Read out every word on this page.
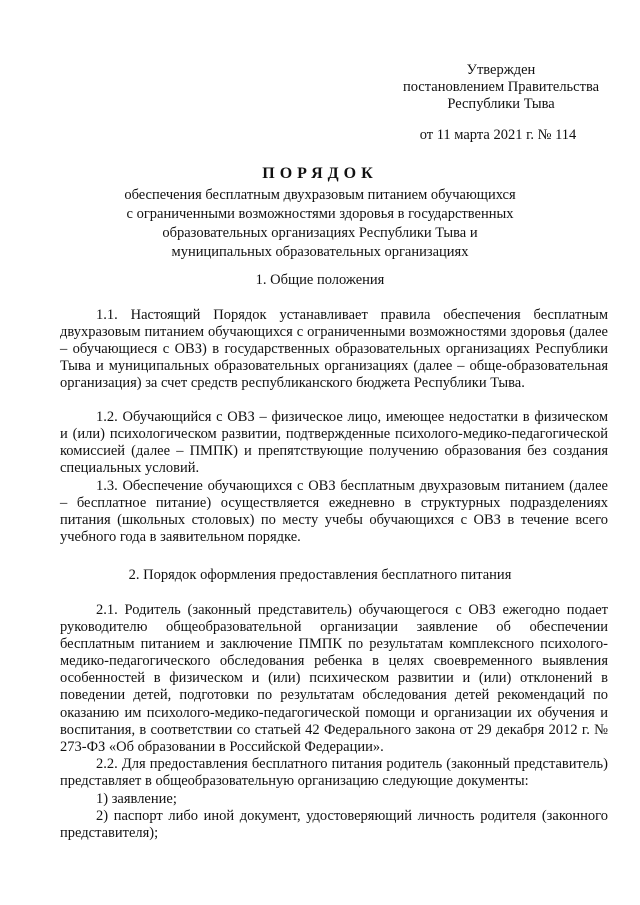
Утвержден
постановлением Правительства
Республики Тыва
от 11 марта 2021 г. № 114
ПОРЯДОК
обеспечения бесплатным двухразовым питанием обучающихся
с ограниченными возможностями здоровья в государственных
образовательных организациях Республики Тыва и
муниципальных образовательных организациях
1. Общие положения

1.1. Настоящий Порядок устанавливает правила обеспечения бесплатным двухразовым питанием обучающихся с ограниченными возможностями здоровья (далее – обучающиеся с ОВЗ) в государственных образовательных организациях Республики Тыва и муниципальных образовательных организациях (далее – обще-образовательная организация) за счет средств республиканского бюджета Республики Тыва.

1.2. Обучающийся с ОВЗ – физическое лицо, имеющее недостатки в физическом и (или) психологическом развитии, подтвержденные психолого-медико-педагогической комиссией (далее – ПМПК) и препятствующие получению образования без создания специальных условий.

1.3. Обеспечение обучающихся с ОВЗ бесплатным двухразовым питанием (далее – бесплатное питание) осуществляется ежедневно в структурных подразделениях питания (школьных столовых) по месту учебы обучающихся с ОВЗ в течение всего учебного года в заявительном порядке.

2. Порядок оформления предоставления бесплатного питания

2.1. Родитель (законный представитель) обучающегося с ОВЗ ежегодно подает руководителю общеобразовательной организации заявление об обеспечении бесплатным питанием и заключение ПМПК по результатам комплексного психолого-медико-педагогического обследования ребенка в целях своевременного выявления особенностей в физическом и (или) психическом развитии и (или) отклонений в поведении детей, подготовки по результатам обследования детей рекомендаций по оказанию им психолого-медико-педагогической помощи и организации их обучения и воспитания, в соответствии со статьей 42 Федерального закона от 29 декабря 2012 г. № 273-ФЗ «Об образовании в Российской Федерации».

2.2. Для предоставления бесплатного питания родитель (законный представитель) представляет в общеобразовательную организацию следующие документы:

1) заявление;

2) паспорт либо иной документ, удостоверяющий личность родителя (законного представителя);
